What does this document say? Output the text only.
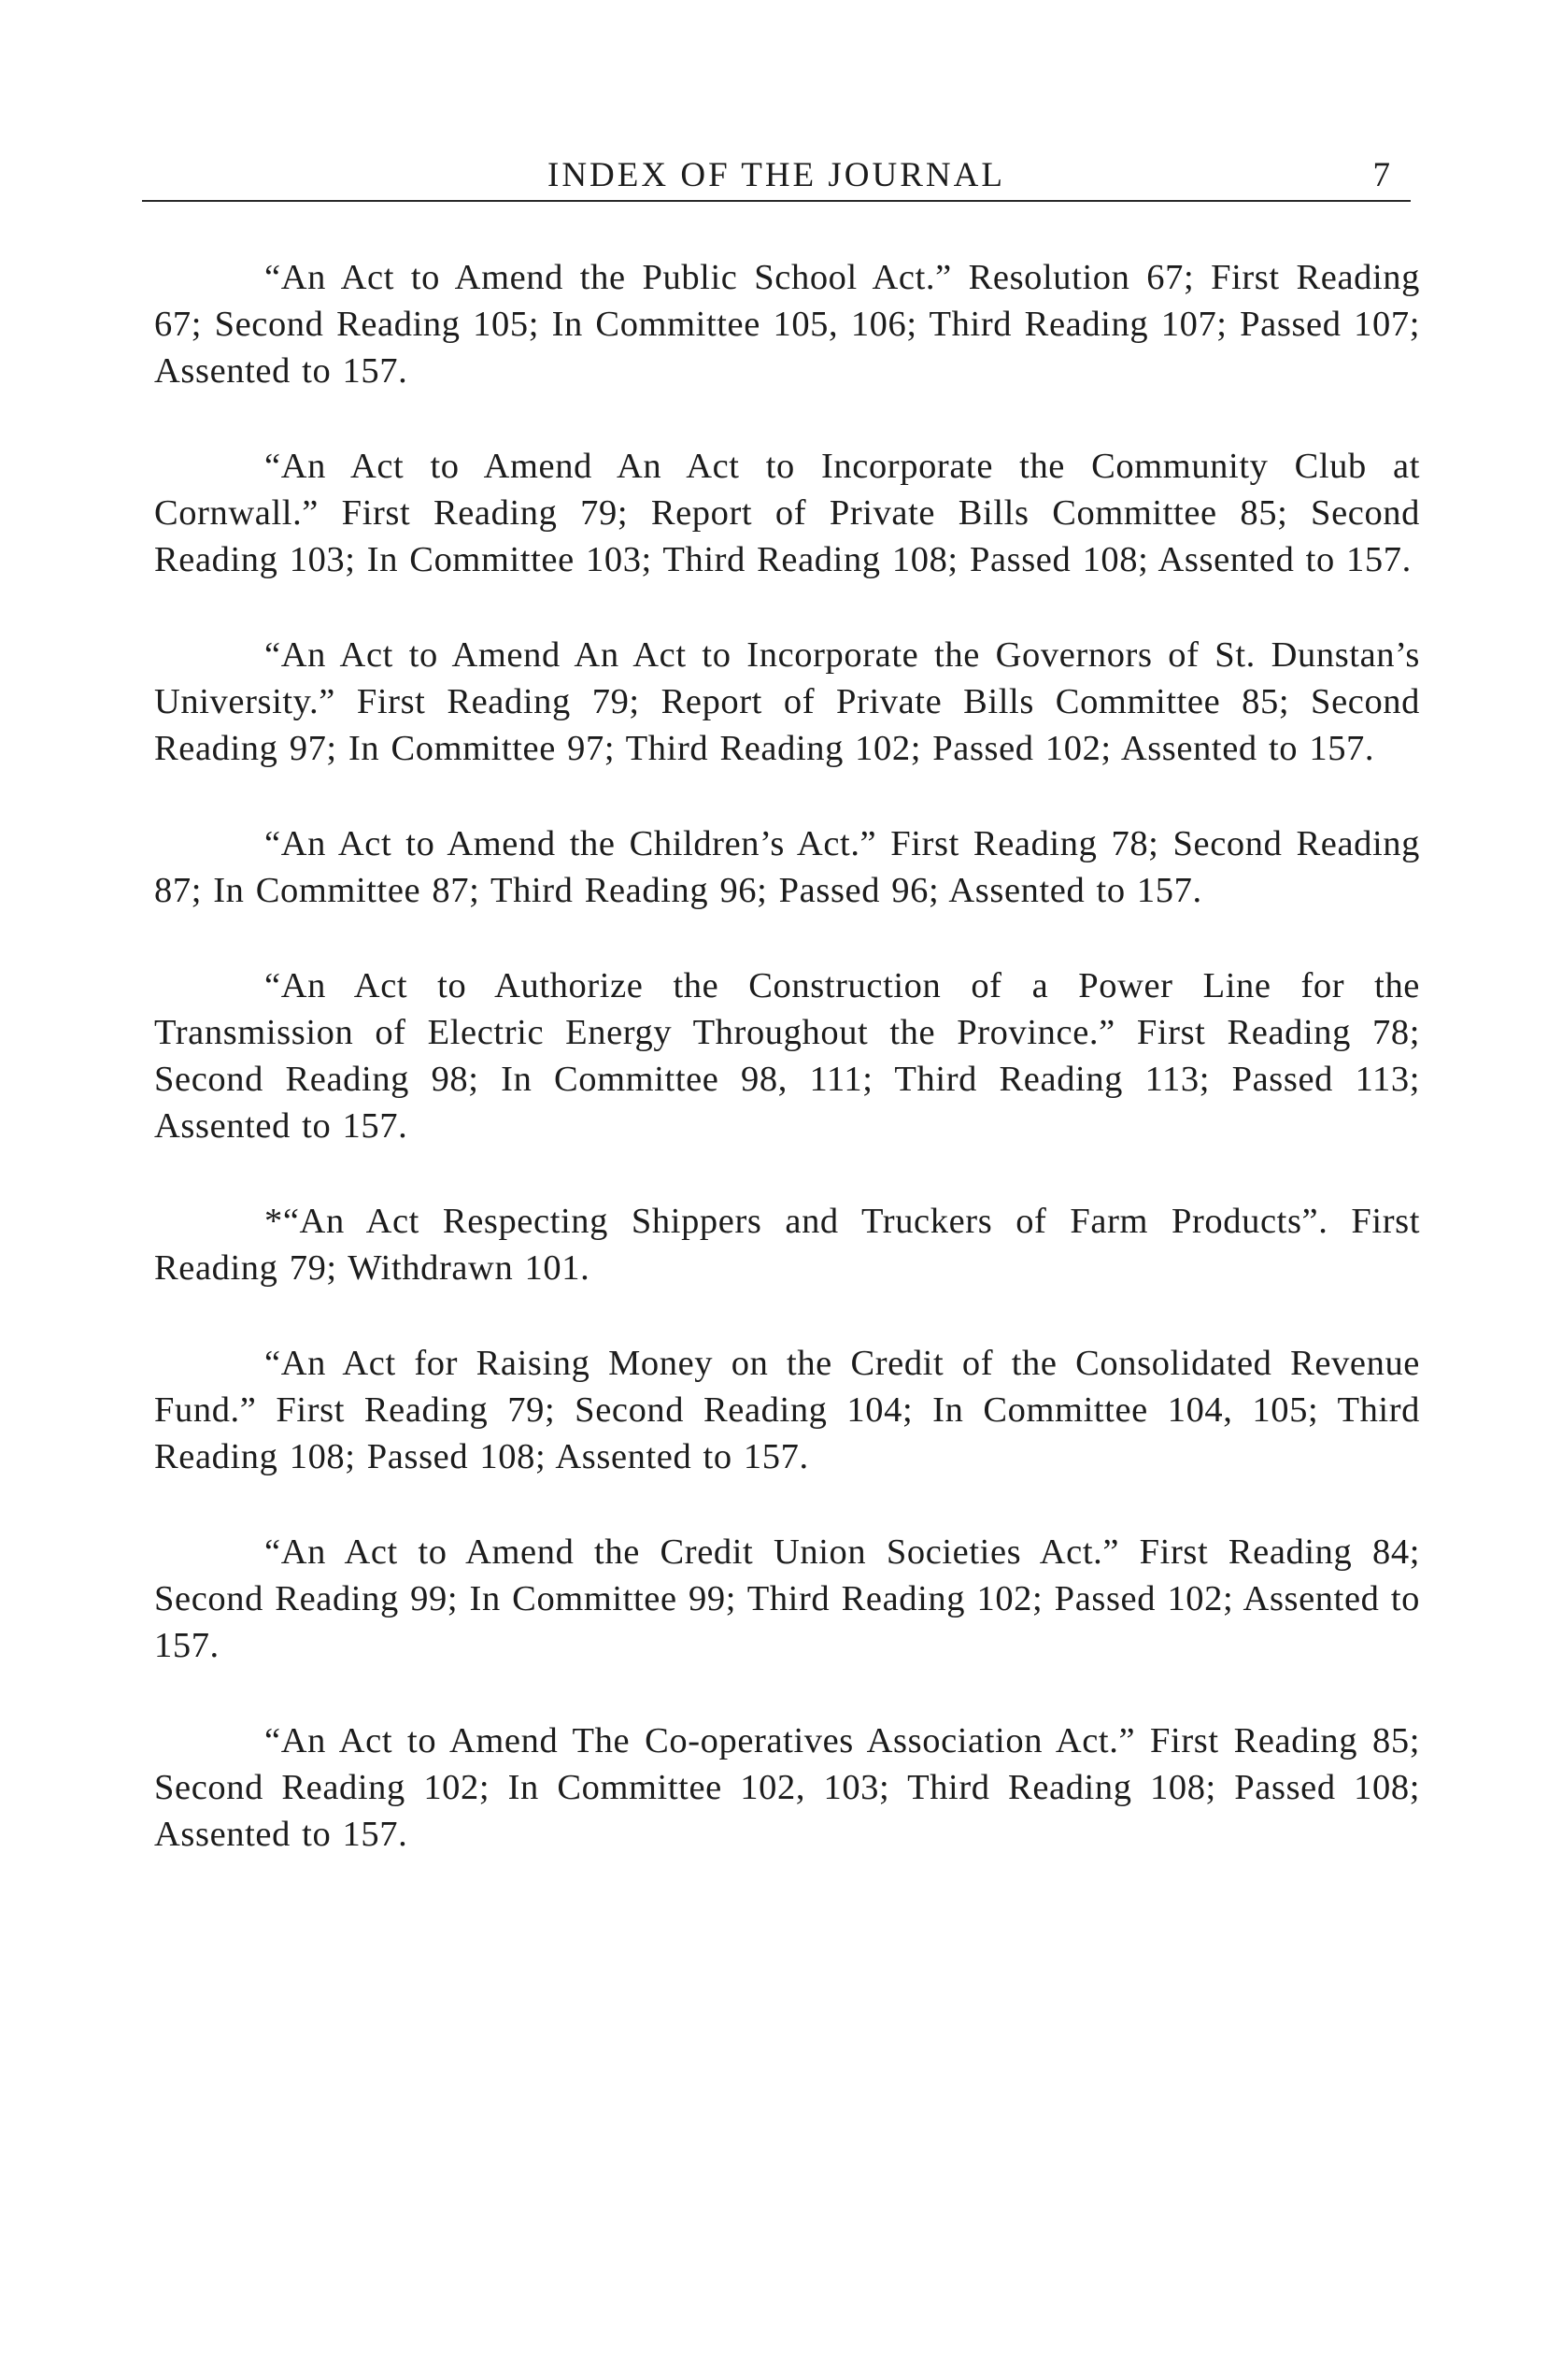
INDEX OF THE JOURNAL	7

“An Act to Amend the Public School Act.” Resolution 67; First Reading 67; Second Reading 105; In Committee 105, 106; Third Reading 107; Passed 107; Assented to 157.

“An Act to Amend An Act to Incorporate the Community Club at Cornwall.” First Reading 79; Report of Private Bills Committee 85; Second Reading 103; In Committee 103; Third Reading 108; Passed 108; Assented to 157.

“An Act to Amend An Act to Incorporate the Governors of St. Dunstan’s University.” First Reading 79; Report of Private Bills Committee 85; Second Reading 97; In Committee 97; Third Reading 102; Passed 102; Assented to 157.

“An Act to Amend the Children’s Act.” First Reading 78; Second Reading 87; In Committee 87; Third Reading 96; Passed 96; Assented to 157.

“An Act to Authorize the Construction of a Power Line for the Transmission of Electric Energy Throughout the Province.” First Reading 78; Second Reading 98; In Committee 98, 111; Third Reading 113; Passed 113; Assented to 157.

*“An Act Respecting Shippers and Truckers of Farm Products”. First Reading 79; Withdrawn 101.

“An Act for Raising Money on the Credit of the Consolidated Revenue Fund.” First Reading 79; Second Reading 104; In Committee 104, 105; Third Reading 108; Passed 108; Assented to 157.

“An Act to Amend the Credit Union Societies Act.” First Reading 84; Second Reading 99; In Committee 99; Third Reading 102; Passed 102; Assented to 157.

“An Act to Amend The Co-operatives Association Act.” First Reading 85; Second Reading 102; In Committee 102, 103; Third Reading 108; Passed 108; Assented to 157.
